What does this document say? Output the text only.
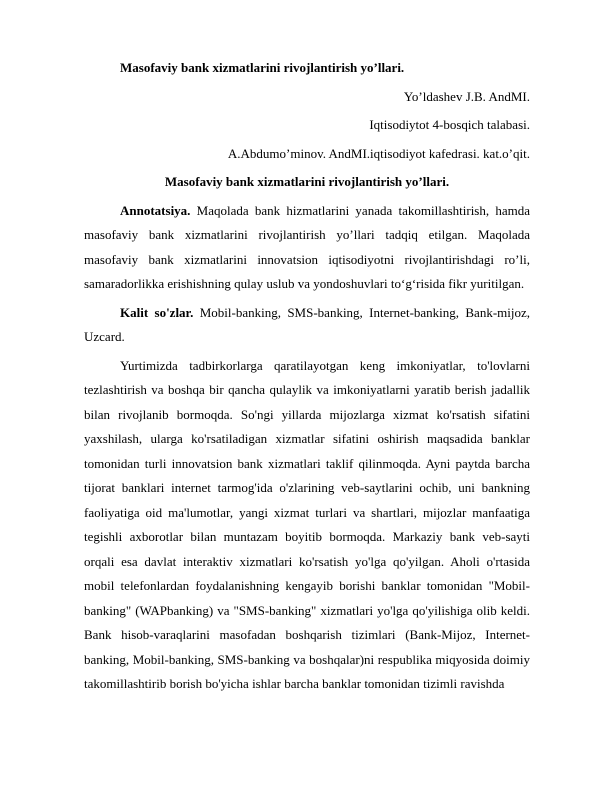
Masofaviy bank xizmatlarini rivojlantirish yo’llari.
Yo’ldashev J.B. AndMI.
Iqtisodiytot 4-bosqich talabasi.
A.Abdumo’minov. AndMI.iqtisodiyot kafedrasi. kat.o’qit.
Masofaviy bank xizmatlarini rivojlantirish yo’llari.

Annotatsiya. Maqolada bank hizmatlarini yanada takomillashtirish, hamda masofaviy bank xizmatlarini rivojlantirish yo’llari tadqiq etilgan. Maqolada masofaviy bank xizmatlarini innovatsion iqtisodiyotni rivojlantirishdagi ro’li, samaradorlikka erishishning qulay uslub va yondoshuvlari to‘g‘risida fikr yuritilgan.

Kalit so'zlar. Mobil-banking, SMS-banking, Internet-banking, Bank-mijoz, Uzcard.

Yurtimizda tadbirkorlarga qaratilayotgan keng imkoniyatlar, to'lovlarni tezlashtirish va boshqa bir qancha qulaylik va imkoniyatlarni yaratib berish jadallik bilan rivojlanib bormoqda. So'ngi yillarda mijozlarga xizmat ko'rsatish sifatini yaxshilash, ularga ko'rsatiladigan xizmatlar sifatini oshirish maqsadida banklar tomonidan turli innovatsion bank xizmatlari taklif qilinmoqda. Ayni paytda barcha tijorat banklari internet tarmog'ida o'zlarining veb-saytlarini ochib, uni bankning faoliyatiga oid ma'lumotlar, yangi xizmat turlari va shartlari, mijozlar manfaatiga tegishli axborotlar bilan muntazam boyitib bormoqda. Markaziy bank veb-sayti orqali esa davlat interaktiv xizmatlari ko'rsatish yo'lga qo'yilgan. Aholi o'rtasida mobil telefonlardan foydalanishning kengayib borishi banklar tomonidan "Mobil-banking" (WAPbanking) va "SMS-banking" xizmatlari yo'lga qo'yilishiga olib keldi. Bank hisob-varaqlarini masofadan boshqarish tizimlari (Bank-Mijoz, Internet-banking, Mobil-banking, SMS-banking va boshqalar)ni respublika miqyosida doimiy takomillashtirib borish bo'yicha ishlar barcha banklar tomonidan tizimli ravishda
